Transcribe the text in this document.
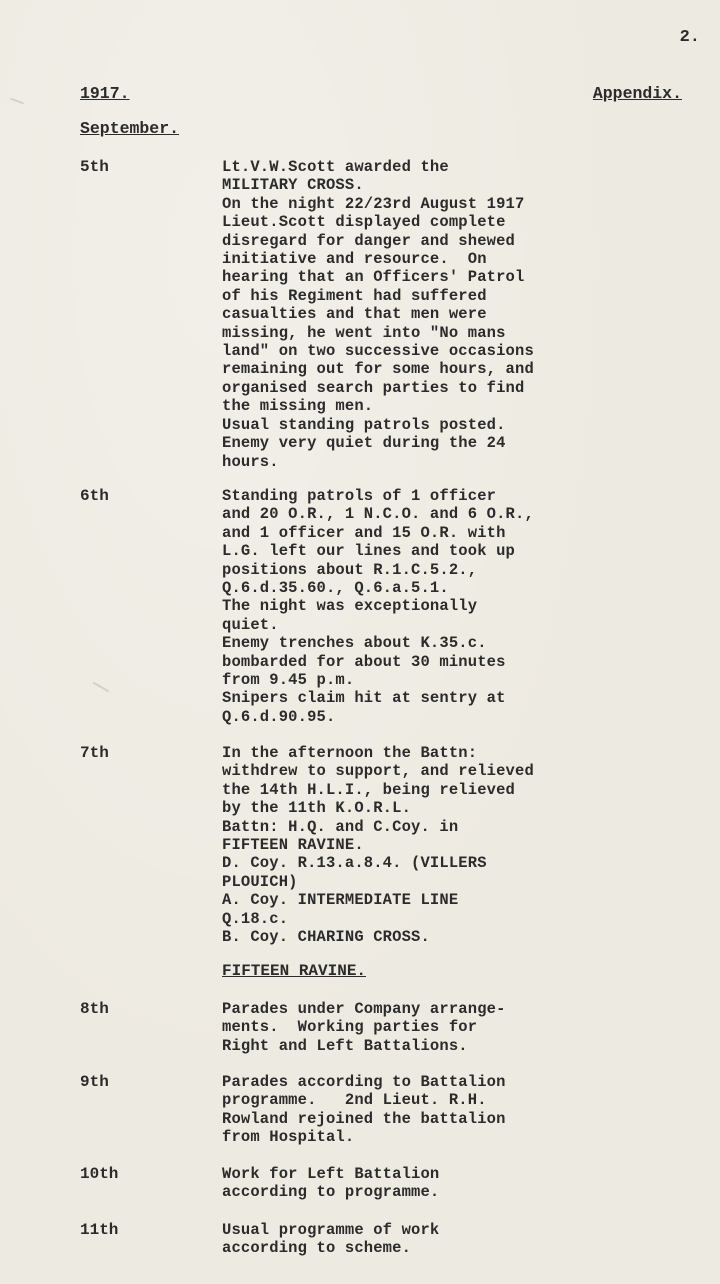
2.
1917.	Appendix.
September.
5th	Lt.V.W.Scott awarded the
MILITARY CROSS.
On the night 22/23rd August 1917
Lieut.Scott displayed complete
disregard for danger and shewed
initiative and resource.  On
hearing that an Officers' Patrol
of his Regiment had suffered
casualties and that men were
missing, he went into "No mans
land" on two successive occasions
remaining out for some hours, and
organised search parties to find
the missing men.
Usual standing patrols posted.
Enemy very quiet during the 24
hours.
6th	Standing patrols of 1 officer
and 20 O.R., 1 N.C.O. and 6 O.R.,
and 1 officer and 15 O.R. with
L.G. left our lines and took up
positions about R.1.C.5.2.,
Q.6.d.35.60., Q.6.a.5.1.
The night was exceptionally
quiet.
Enemy trenches about K.35.c.
bombarded for about 30 minutes
from 9.45 p.m.
Snipers claim hit at sentry at
Q.6.d.90.95.
7th	In the afternoon the Battn:
withdrew to support, and relieved
the 14th H.L.I., being relieved
by the 11th K.O.R.L.
Battn: H.Q. and C.Coy. in
FIFTEEN RAVINE.
D. Coy. R.13.a.8.4. (VILLERS
PLOUICH)
A. Coy. INTERMEDIATE LINE
Q.18.c.
B. Coy. CHARING CROSS.
FIFTEEN RAVINE.
8th	Parades under Company arrange-
ments.  Working parties for
Right and Left Battalions.
9th	Parades according to Battalion
programme.   2nd Lieut. R.H.
Rowland rejoined the battalion
from Hospital.
10th	Work for Left Battalion
according to programme.
11th	Usual programme of work
according to scheme.
